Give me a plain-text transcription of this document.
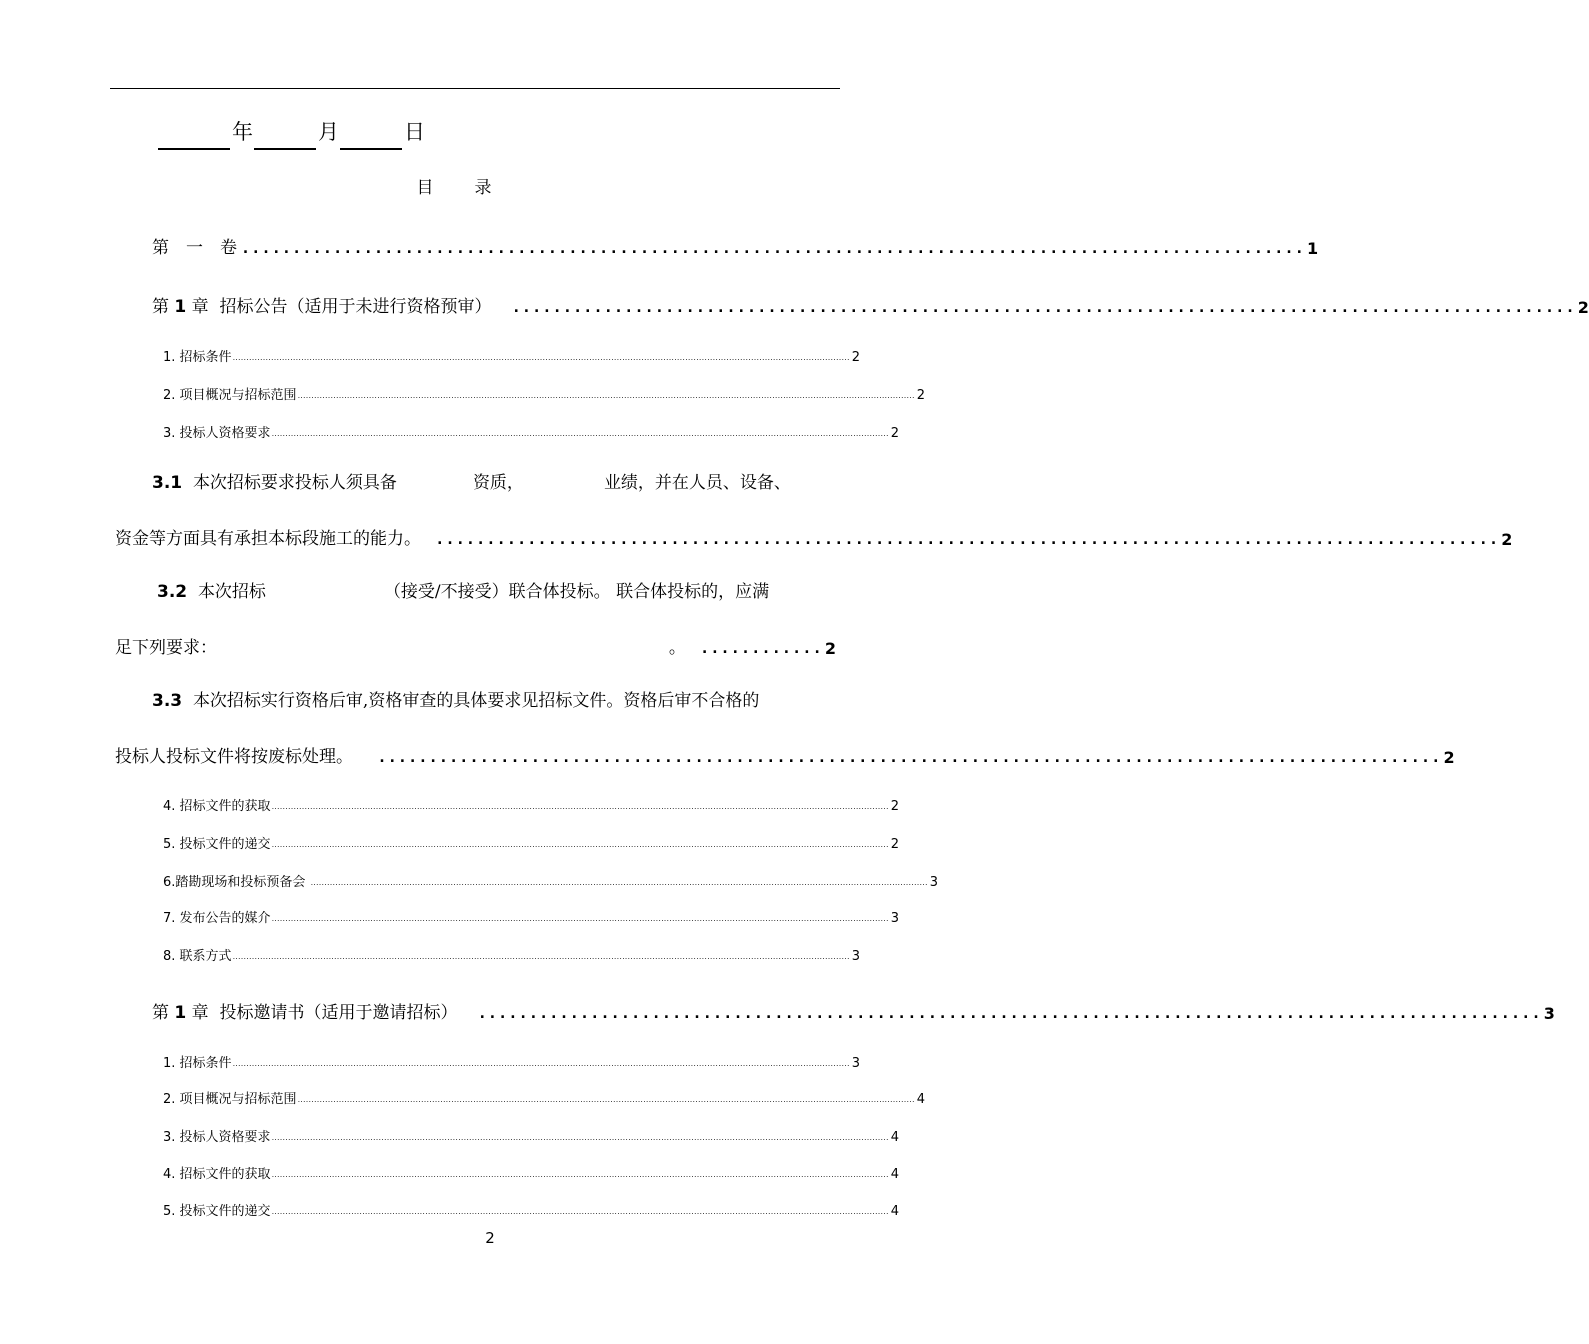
年	月	日
目　录
第　一　卷 ........................................................................................................ 1
第 1 章 招标公告（适用于未进行资格预审）	........................................................................................................ 2
1. 招标条件 ................................................................................................................................................................................................................................. 2
2. 项目概况与招标范围 ................................................................................................................................................................................................................................. 2
3. 投标人资格要求 ................................................................................................................................................................................................................................. 2
3.1 本次招标要求投标人须具备	资质，	业绩，并在人员、设备、
资金等方面具有承担本标段施工的能力。 ........................................................................................................ 2
3.2 本次招标	（接受/不接受）联合体投标。 联合体投标的，应满
足下列要求：	。 ............ 2
3.3 本次招标实行资格后审,资格审查的具体要求见招标文件。资格后审不合格的
投标人投标文件将按废标处理。 ........................................................................................................ 2
4. 招标文件的获取 ................................................................................................................................................................................................................................. 2
5. 投标文件的递交 ................................................................................................................................................................................................................................. 2
6.踏勘现场和投标预备会 ................................................................................................................................................................................................................................. 3
7. 发布公告的媒介 ................................................................................................................................................................................................................................. 3
8. 联系方式 ................................................................................................................................................................................................................................. 3
第 1 章 投标邀请书（适用于邀请招标）	........................................................................................................ 3
1. 招标条件 ................................................................................................................................................................................................................................. 3
2. 项目概况与招标范围 ................................................................................................................................................................................................................................. 4
3. 投标人资格要求 ................................................................................................................................................................................................................................. 4
4. 招标文件的获取 ................................................................................................................................................................................................................................. 4
5. 投标文件的递交 ................................................................................................................................................................................................................................. 4
2
